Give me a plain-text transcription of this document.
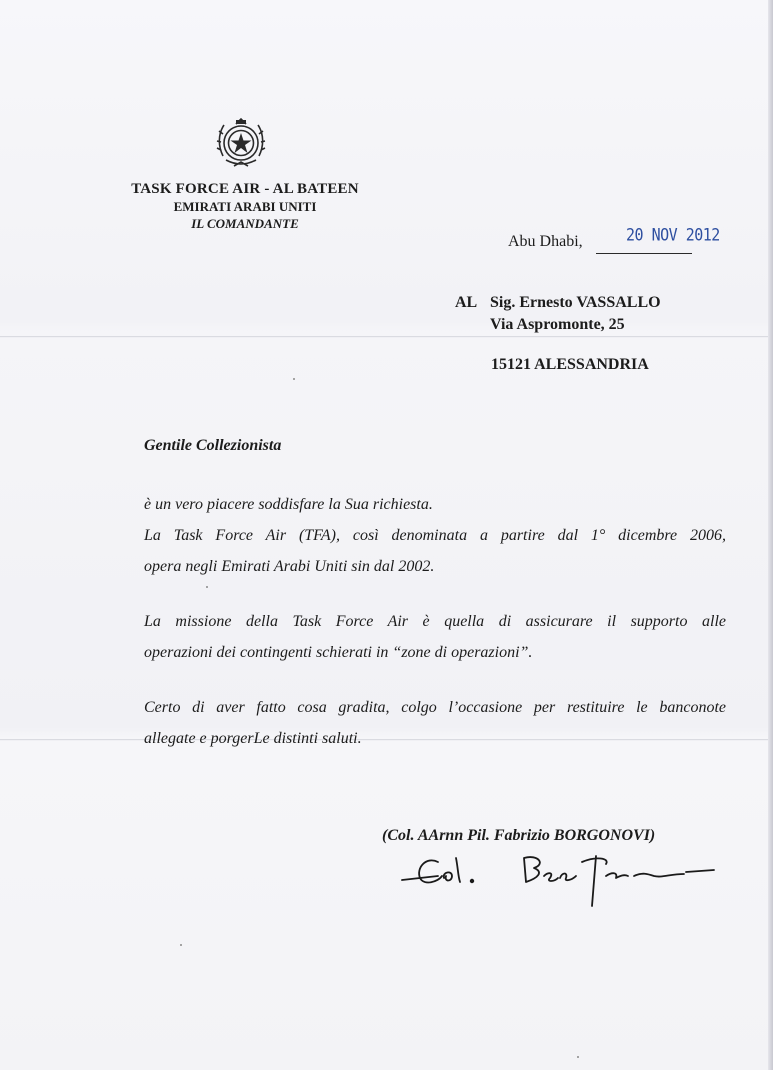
TASK FORCE AIR - AL BATEEN
EMIRATI ARABI UNITI
IL COMANDANTE
Abu Dhabi,	20 NOV 2012
AL Sig. Ernesto VASSALLO
Via Aspromonte, 25
15121 ALESSANDRIA
Gentile Collezionista

è un vero piacere soddisfare la Sua richiesta.

La Task Force Air (TFA), così denominata a partire dal 1° dicembre 2006,

opera negli Emirati Arabi Uniti sin dal 2002.

La missione della Task Force Air è quella di assicurare il supporto alle

operazioni dei contingenti schierati in “zone di operazioni”.

Certo di aver fatto cosa gradita, colgo l’occasione per restituire le banconote

allegate e porgerLe distinti saluti.

(Col. AArnn Pil. Fabrizio BORGONOVI)
